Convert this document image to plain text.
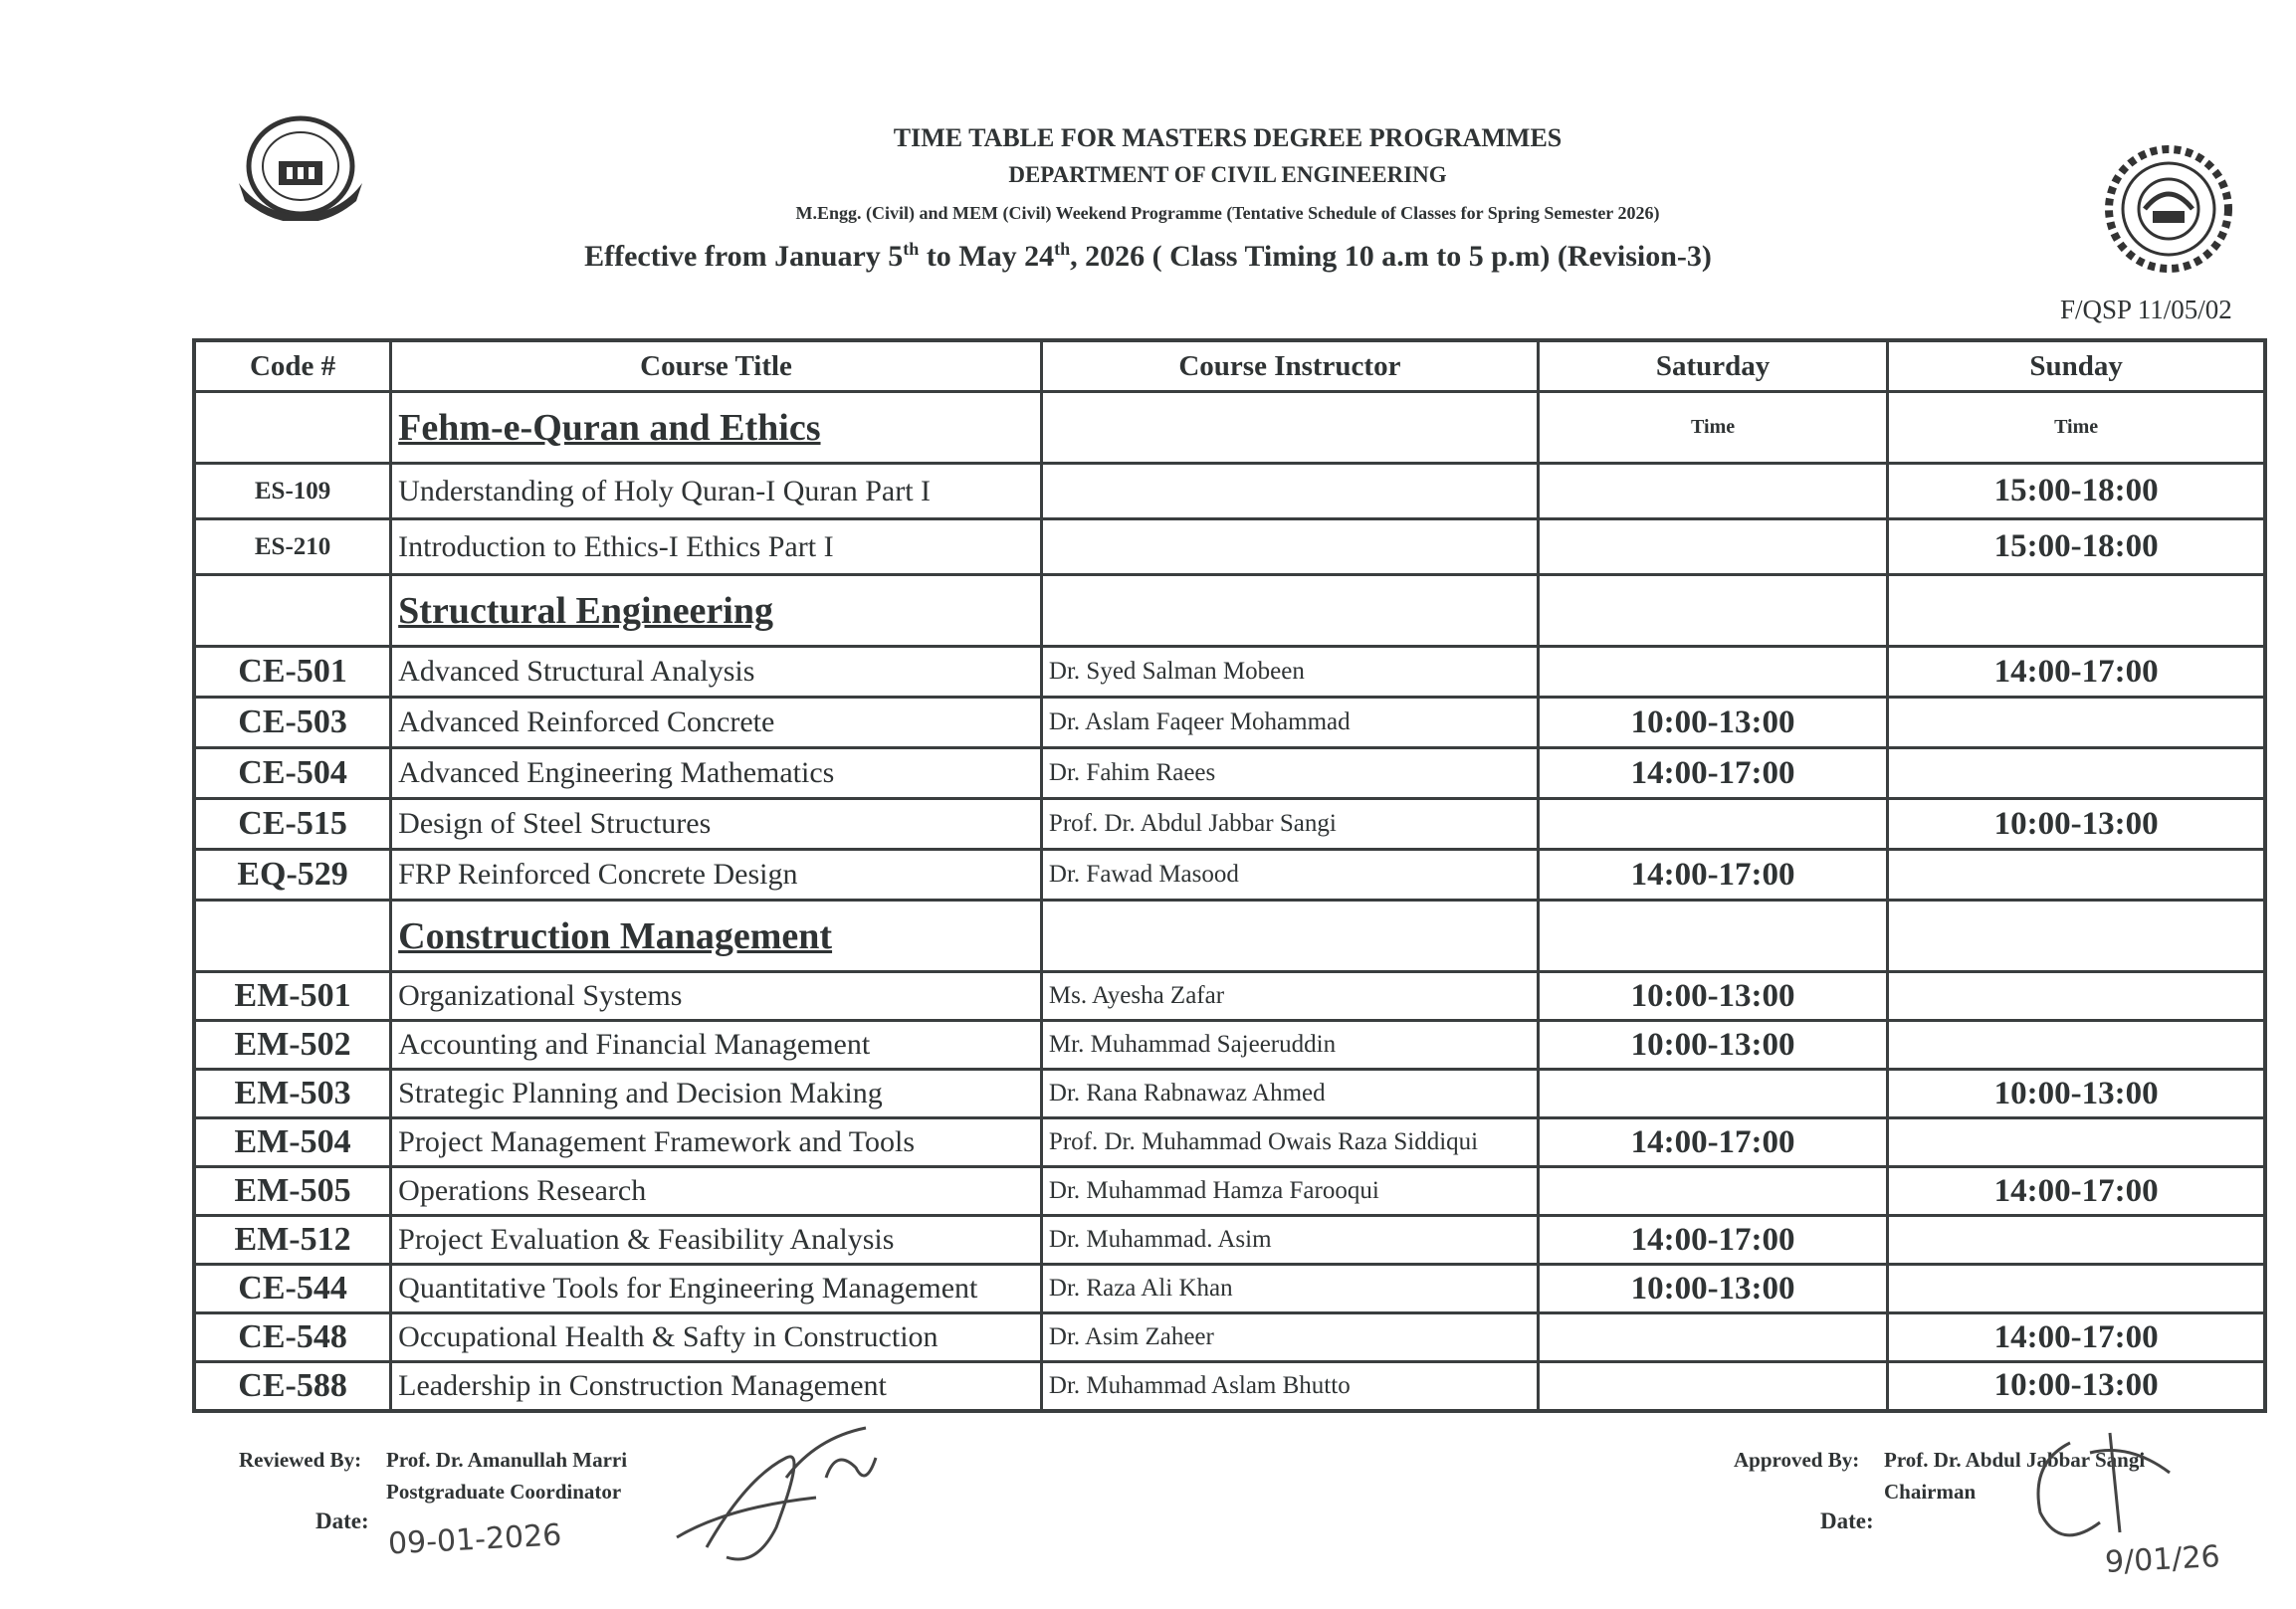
TIME TABLE FOR MASTERS DEGREE PROGRAMMES
DEPARTMENT OF CIVIL ENGINEERING
M.Engg. (Civil) and MEM (Civil) Weekend Programme (Tentative Schedule of Classes for Spring Semester 2026)
Effective from January 5th to May 24th, 2026 ( Class Timing 10 a.m to 5 p.m) (Revision-3)
F/QSP 11/05/02
Code #	Course Title	Course Instructor	Saturday	Sunday
	Fehm-e-Quran and Ethics		Time	Time
ES-109	Understanding of Holy Quran-I Quran Part I			15:00-18:00
ES-210	Introduction to Ethics-I Ethics Part I			15:00-18:00
	Structural Engineering			
CE-501	Advanced Structural Analysis	Dr. Syed Salman Mobeen		14:00-17:00
CE-503	Advanced Reinforced Concrete	Dr. Aslam Faqeer Mohammad	10:00-13:00	
CE-504	Advanced Engineering Mathematics	Dr. Fahim Raees	14:00-17:00	
CE-515	Design of Steel Structures	Prof. Dr. Abdul Jabbar Sangi		10:00-13:00
EQ-529	FRP Reinforced Concrete Design	Dr. Fawad Masood	14:00-17:00	
	Construction Management			
EM-501	Organizational Systems	Ms. Ayesha Zafar	10:00-13:00	
EM-502	Accounting and Financial Management	Mr. Muhammad Sajeeruddin	10:00-13:00	
EM-503	Strategic Planning and Decision Making	Dr. Rana Rabnawaz Ahmed		10:00-13:00
EM-504	Project Management Framework and Tools	Prof. Dr. Muhammad Owais Raza Siddiqui	14:00-17:00	
EM-505	Operations Research	Dr. Muhammad Hamza Farooqui		14:00-17:00
EM-512	Project Evaluation & Feasibility Analysis	Dr. Muhammad. Asim	14:00-17:00	
CE-544	Quantitative Tools for Engineering Management	Dr. Raza Ali Khan	10:00-13:00	
CE-548	Occupational Health & Safty in Construction	Dr. Asim Zaheer		14:00-17:00
CE-588	Leadership in Construction Management	Dr. Muhammad Aslam Bhutto		10:00-13:00
Reviewed By: Prof. Dr. Amanullah Marri
Postgraduate Coordinator
Date: 09-01-2026
Approved By: Prof. Dr. Abdul Jabbar Sangi
Chairman
Date:
9/01/26
